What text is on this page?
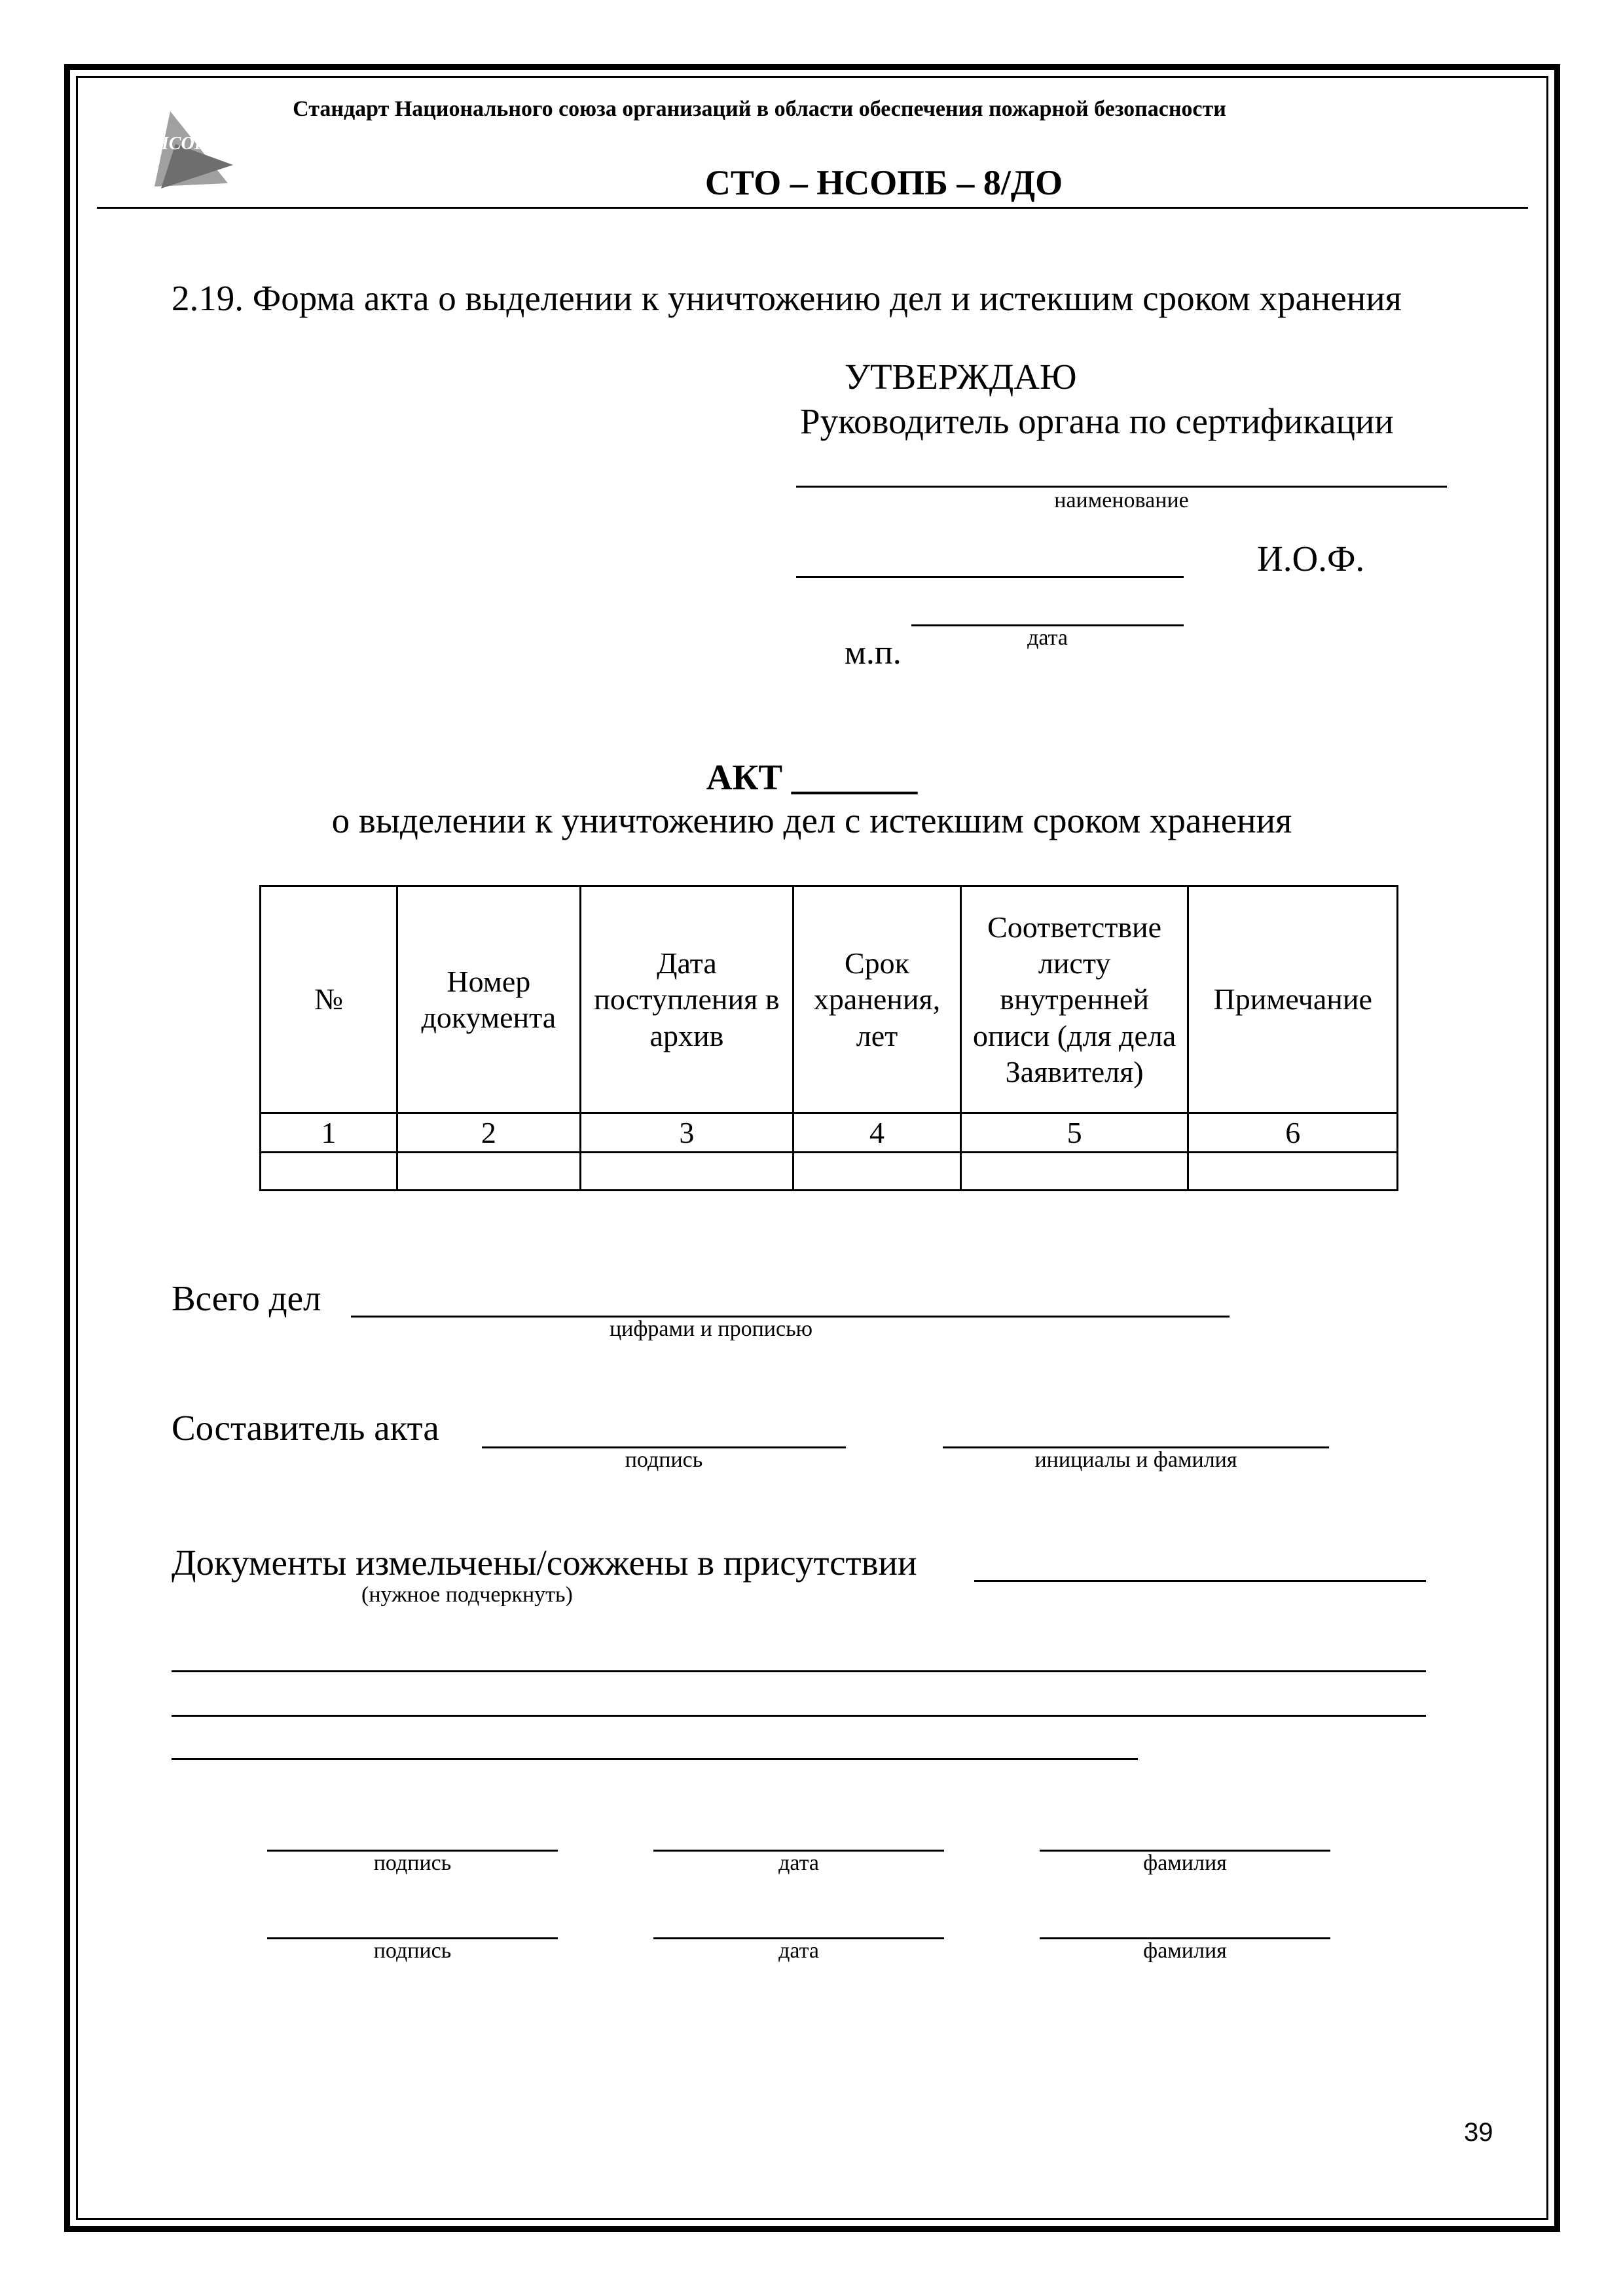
НСОПБ
Стандарт Национального союза организаций в области обеспечения пожарной безопасности
СТО – НСОПБ – 8/ДО
2.19. Форма акта о выделении к уничтожению дел и истекшим сроком хранения
УТВЕРЖДАЮ
Руководитель органа по сертификации
наименование
И.О.Ф.
дата
м.п.
АКТ _______
о выделении к уничтожению дел с истекшим сроком хранения
№	Номер документа	Дата поступления в архив	Срок хранения, лет	Соответствие листу внутренней описи (для дела Заявителя)	Примечание
1	2	3	4	5	6

Всего дел
цифрами и прописью
Составитель акта
подпись	инициалы и фамилия
Документы измельчены/сожжены в присутствии
(нужное подчеркнуть)
подпись	дата	фамилия
подпись	дата	фамилия
39
